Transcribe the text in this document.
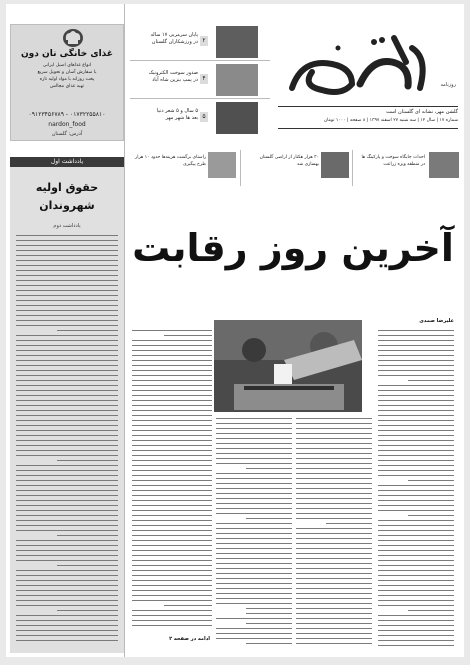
غذای خانگی نان دون
انواع غذاهای اصیل ایرانی
با سفارش آسان و تحویل سریع
پخت روزانه با مواد اولیه تازه
تهیه غذای مجالس
۰۹۱۲۳۴۵۶۷۸۹ - ۰۱۷۳۲۲۵۵۸۱۰
nardon_food
آدرس: گلستان
یادداشت اول
حقوق اولیه
شهروندان
یادداشت دوم
پایان سرمربی ۱۷ ساله
در ورزشکاران گلستان ۲
صدور سوخت الکترونیک
در پمپ بنزین شاه آباد ۴
۵ سال و ۵ شعر دنیا
بعد ها شهر مهر ۵
روزنامه
گلشن مهر، نشانه ای گلستان است
شماره ۱۷ | سال ۱۲ | سه شنبه ۲۷ اسفند ۱۳۹۷ | ۸ صفحه | ۱۰۰۰ تومان
راستای برگشت هزینه‌ها حدود ۱۰ هزار طرح پیگیری
۳۰ هزار هکتار از اراضی گلستان بهسازی شد
احداث جایگاه سوخت و پارکینگ ها در منطقه ویژه زراعت
آخرین روز رقابت
علیرضا صمدی
ادامه در صفحه ۲
